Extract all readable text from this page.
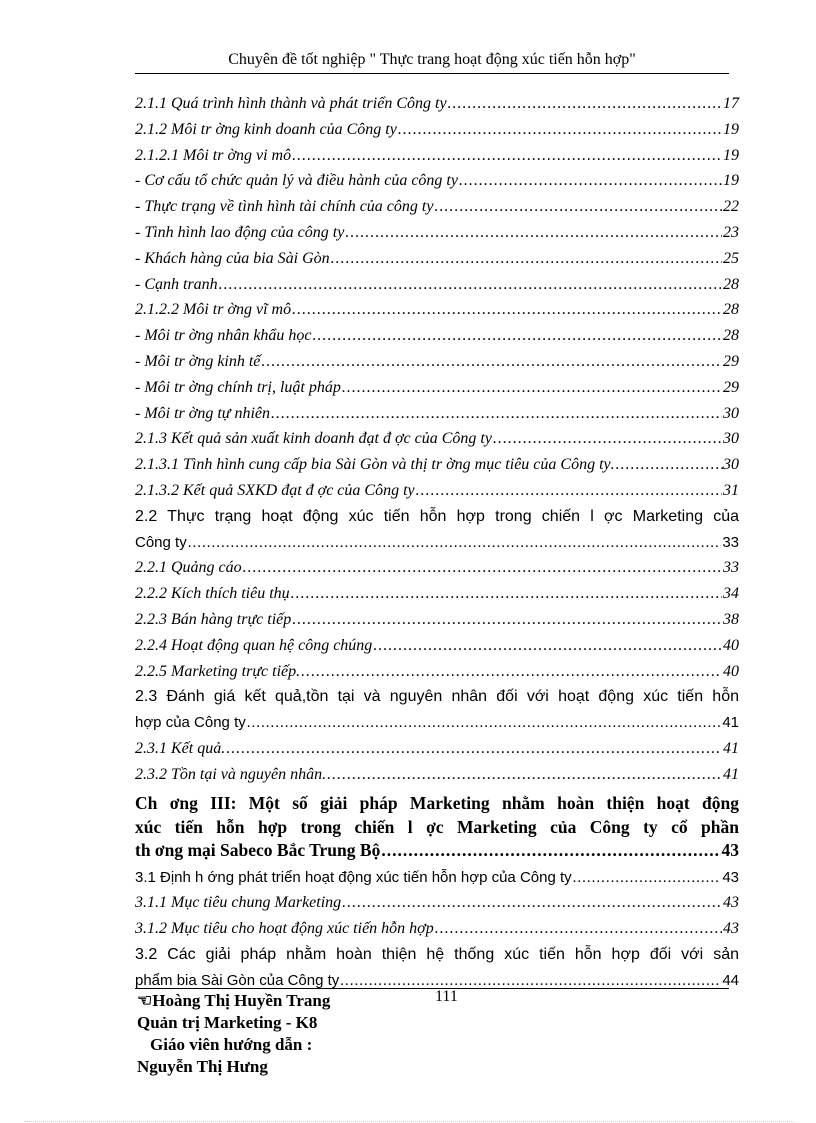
Chuyên đề tốt nghiệp " Thực trang hoạt động xúc tiến hỗn hợp"
2.1.1 Quá trình hình thành và phát triển Công ty .....	17
2.1.2 Môi tr ờng kinh doanh của Công ty .....	19
2.1.2.1 Môi tr ờng vi mô .....	19
- Cơ cấu tổ chức quản lý và điều hành của công ty .....	19
- Thực trạng về tình hình tài chính của công ty .....	22
- Tình hình lao động của công ty .....	23
- Khách hàng của bia Sài Gòn .....	25
- Cạnh tranh .....	28
2.1.2.2 Môi tr ờng vĩ mô .....	28
- Môi tr ờng nhân khẩu học .....	28
- Môi tr ờng kinh tế .....	29
- Môi tr ờng chính trị, luật pháp .....	29
- Môi tr ờng tự nhiên .....	30
2.1.3 Kết quả sản xuất kinh doanh đạt đ ợc của Công ty .....	30
2.1.3.1 Tình hình cung cấp bia Sài Gòn và thị tr ờng mục tiêu của Công ty .....	30
2.1.3.2 Kết quả SXKD đạt đ ợc của Công ty .....	31
2.2 Thực trạng hoạt động xúc tiến hỗn hợp trong chiến l ợc Marketing của
Công ty .....	33
2.2.1 Quảng cáo .....	33
2.2.2 Kích thích tiêu thụ .....	34
2.2.3 Bán hàng trực tiếp .....	38
2.2.4 Hoạt động quan hệ công chúng .....	40
2.2.5 Marketing trực tiếp. .....	40
2.3 Đánh giá kết quả,tồn tại và nguyên nhân đối với hoạt động xúc tiến hỗn
hợp của Công ty .....	41
2.3.1 Kết quả. .....	41
2.3.2 Tồn tại và nguyên nhân. .....	41
Ch ơng III: Một số giải pháp Marketing nhằm hoàn thiện hoạt động
xúc tiến hỗn hợp trong chiến l ợc Marketing của Công ty cổ phần
th ơng mại Sabeco Bắc Trung Bộ .....	43
3.1 Định h ớng phát triển hoạt động xúc tiến hỗn hợp của Công ty .....	43
3.1.1 Mục tiêu chung Marketing .....	43
3.1.2 Mục tiêu cho hoạt động xúc tiến hỗn hợp .....	43
3.2 Các giải pháp nhằm hoàn thiện hệ thống xúc tiến hỗn hợp đối với sản
phẩm bia Sài Gòn của Công ty .....	44
111
☜Hoàng Thị Huyền Trang
Quản trị Marketing - K8
Giáo viên hướng dẫn :
Nguyễn Thị Hưng
